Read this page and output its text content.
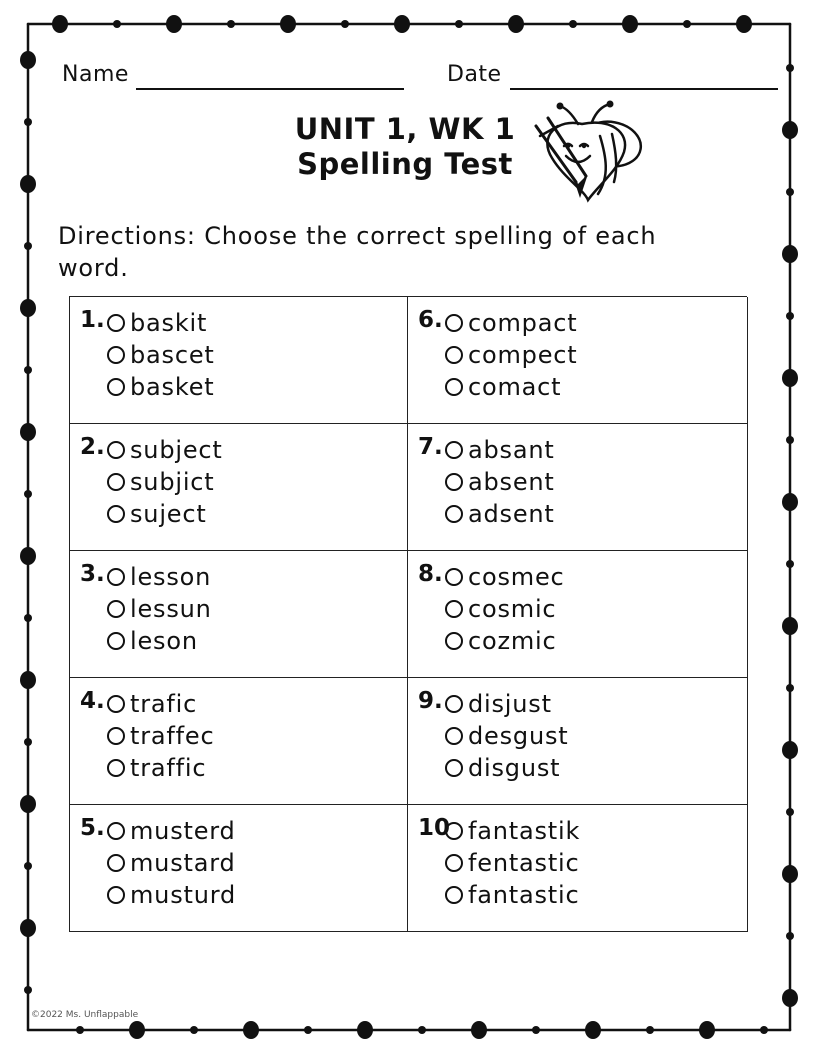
Name	Date
UNIT 1, WK 1
Spelling Test
Directions: Choose the correct spelling of each word.
1. baskit
bascet
basket
6. compact
compect
comact
2. subject
subjict
suject
7. absant
absent
adsent
3. lesson
lessun
leson
8. cosmec
cosmic
cozmic
4. trafic
traffec
traffic
9. disjust
desgust
disgust
5. musterd
mustard
musturd
10 fantastik
fentastic
fantastic
©2022 Ms. Unflappable
